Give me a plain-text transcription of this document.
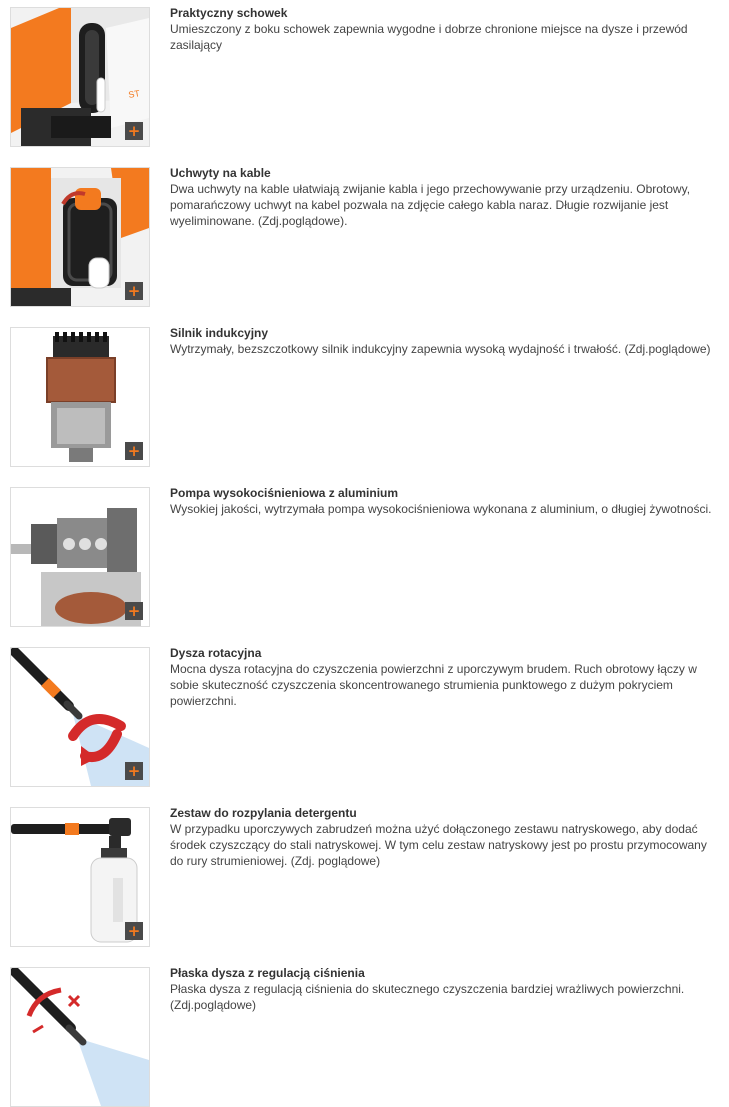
ST
+
Praktyczny schowek
Umieszczony z boku schowek zapewnia wygodne i dobrze chronione miejsce na dysze i przewód zasilający
+
Uchwyty na kable
Dwa uchwyty na kable ułatwiają zwijanie kabla i jego przechowywanie przy urządzeniu. Obrotowy, pomarańczowy uchwyt na kabel pozwala na zdjęcie całego kabla naraz. Długie rozwijanie jest wyeliminowane. (Zdj.poglądowe).
+
Silnik indukcyjny
Wytrzymały, bezszczotkowy silnik indukcyjny zapewnia wysoką wydajność i trwałość. (Zdj.poglądowe)
+
Pompa wysokociśnieniowa z aluminium
Wysokiej jakości, wytrzymała pompa wysokociśnieniowa wykonana z aluminium, o długiej żywotności.
+
Dysza rotacyjna
Mocna dysza rotacyjna do czyszczenia powierzchni z uporczywym brudem. Ruch obrotowy łączy w sobie skuteczność czyszczenia skoncentrowanego strumienia punktowego z dużym pokryciem powierzchni.
+
Zestaw do rozpylania detergentu
W przypadku uporczywych zabrudzeń można użyć dołączonego zestawu natryskowego, aby dodać środek czyszczący do stali natryskowej. W tym celu zestaw natryskowy jest po prostu przymocowany do rury strumieniowej. (Zdj. poglądowe)
Płaska dysza z regulacją ciśnienia
Płaska dysza z regulacją ciśnienia do skutecznego czyszczenia bardziej wrażliwych powierzchni. (Zdj.poglądowe)
